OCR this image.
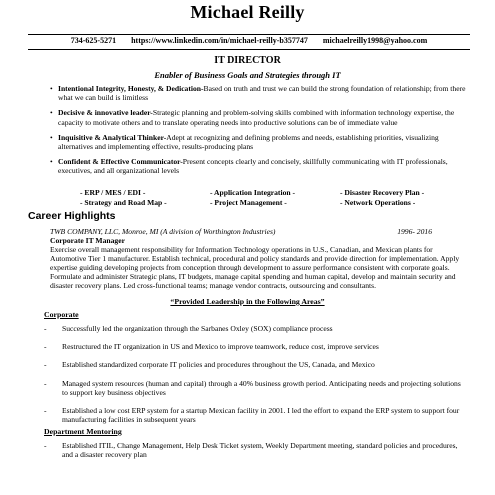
Michael Reilly
734-625-5271 https://www.linkedin.com/in/michael-reilly-b357747 michaelreilly1998@yahoo.com
IT DIRECTOR
Enabler of Business Goals and Strategies through IT
• Intentional Integrity, Honesty, & Dedication-Based on truth and trust we can build the strong foundation of relationship; from there what we can build is limitless
• Decisive & innovative leader-Strategic planning and problem-solving skills combined with information technology expertise, the capacity to motivate others and to translate operating needs into productive solutions can be of immediate value
• Inquisitive & Analytical Thinker-Adept at recognizing and defining problems and needs, establishing priorities, visualizing alternatives and implementing effective, results-producing plans
• Confident & Effective Communicator-Present concepts clearly and concisely, skillfully communicating with IT professionals, executives, and all organizational levels
- ERP / MES / EDI -	- Application Integration -	- Disaster Recovery Plan -
- Strategy and Road Map -	- Project Management -	- Network Operations -
Career Highlights
TWB COMPANY, LLC, Monroe, MI (A division of Worthington Industries)	1996- 2016
Corporate IT Manager
Exercise overall management responsibility for Information Technology operations in U.S., Canadian, and Mexican plants for Automotive Tier 1 manufacturer. Establish technical, procedural and policy standards and provide direction for implementation. Apply expertise guiding developing projects from conception through development to assure performance consistent with corporate goals. Formulate and administer Strategic plans, IT budgets, manage capital spending and human capital, develop and maintain security and disaster recovery plans. Led cross-functional teams; manage vendor contracts, outsourcing and consultants.
“Provided Leadership in the Following Areas”
Corporate
-	Successfully led the organization through the Sarbanes Oxley (SOX) compliance process
-	Restructured the IT organization in US and Mexico to improve teamwork, reduce cost, improve services
-	Established standardized corporate IT policies and procedures throughout the US, Canada, and Mexico
-	Managed system resources (human and capital) through a 40% business growth period. Anticipating needs and projecting solutions to support key business objectives
-	Established a low cost ERP system for a startup Mexican facility in 2001. I led the effort to expand the ERP system to support four manufacturing facilities in subsequent years
Department Mentoring
-	Established ITIL, Change Management, Help Desk Ticket system, Weekly Department meeting, standard policies and procedures, and a disaster recovery plan
